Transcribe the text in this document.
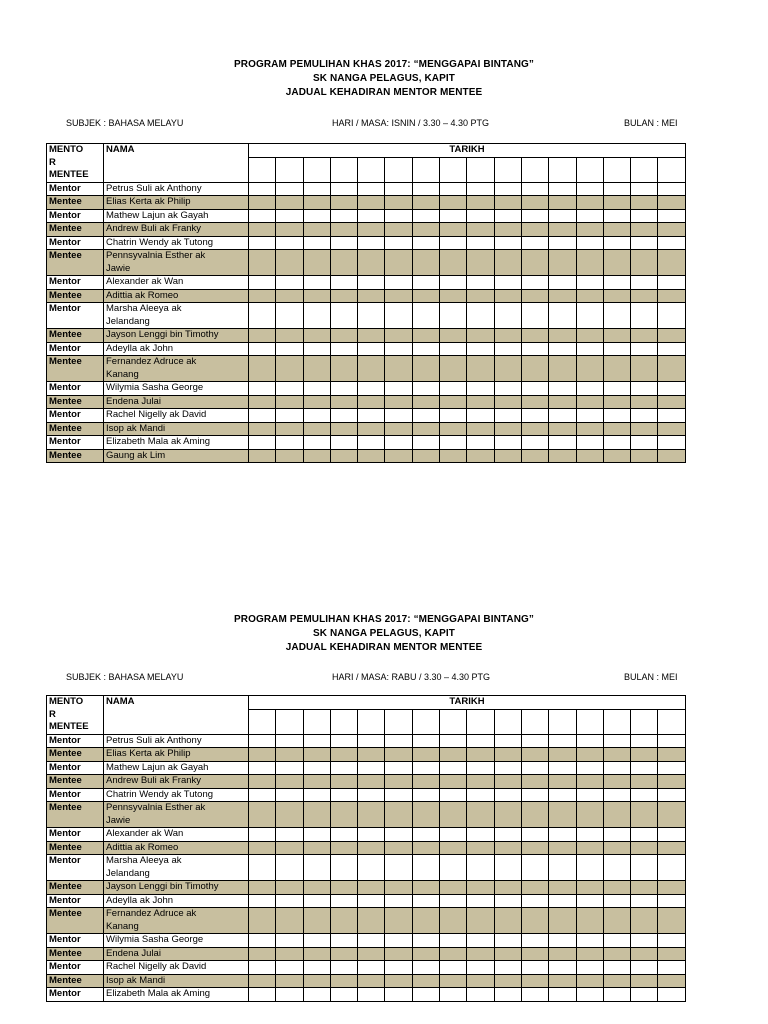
PROGRAM PEMULIHAN KHAS 2017: “MENGGAPAI BINTANG”
SK NANGA PELAGUS, KAPIT
JADUAL KEHADIRAN MENTOR MENTEE
SUBJEK : BAHASA MELAYU	HARI / MASA: ISNIN / 3.30 – 4.30 PTG	BULAN : MEI
MENTO
R
MENTEE	NAMA	TARIKH															

Mentor	Petrus Suli ak Anthony																
Mentee	Elias Kerta ak Philip																
Mentor	Mathew Lajun ak Gayah																
Mentee	Andrew Buli ak Franky																
Mentor	Chatrin Wendy ak Tutong																
Mentee	Pennsyvalnia Esther ak
Jawie																
Mentor	Alexander ak Wan																
Mentee	Adittia ak Romeo																
Mentor	Marsha Aleeya ak
Jelandang																
Mentee	Jayson Lenggi bin Timothy																
Mentor	Adeylla ak John																
Mentee	Fernandez Adruce ak
Kanang																
Mentor	Wilymia Sasha George																
Mentee	Endena Julai																
Mentor	Rachel Nigelly ak David																
Mentee	Isop ak Mandi																
Mentor	Elizabeth Mala ak Aming																
Mentee	Gaung ak Lim																
PROGRAM PEMULIHAN KHAS 2017: “MENGGAPAI BINTANG”
SK NANGA PELAGUS, KAPIT
JADUAL KEHADIRAN MENTOR MENTEE
SUBJEK : BAHASA MELAYU	HARI / MASA: RABU / 3.30 – 4.30 PTG	BULAN : MEI
MENTO
R
MENTEE	NAMA	TARIKH															

Mentor	Petrus Suli ak Anthony																
Mentee	Elias Kerta ak Philip																
Mentor	Mathew Lajun ak Gayah																
Mentee	Andrew Buli ak Franky																
Mentor	Chatrin Wendy ak Tutong																
Mentee	Pennsyvalnia Esther ak
Jawie																
Mentor	Alexander ak Wan																
Mentee	Adittia ak Romeo																
Mentor	Marsha Aleeya ak
Jelandang																
Mentee	Jayson Lenggi bin Timothy																
Mentor	Adeylla ak John																
Mentee	Fernandez Adruce ak
Kanang																
Mentor	Wilymia Sasha George																
Mentee	Endena Julai																
Mentor	Rachel Nigelly ak David																
Mentee	Isop ak Mandi																
Mentor	Elizabeth Mala ak Aming																
